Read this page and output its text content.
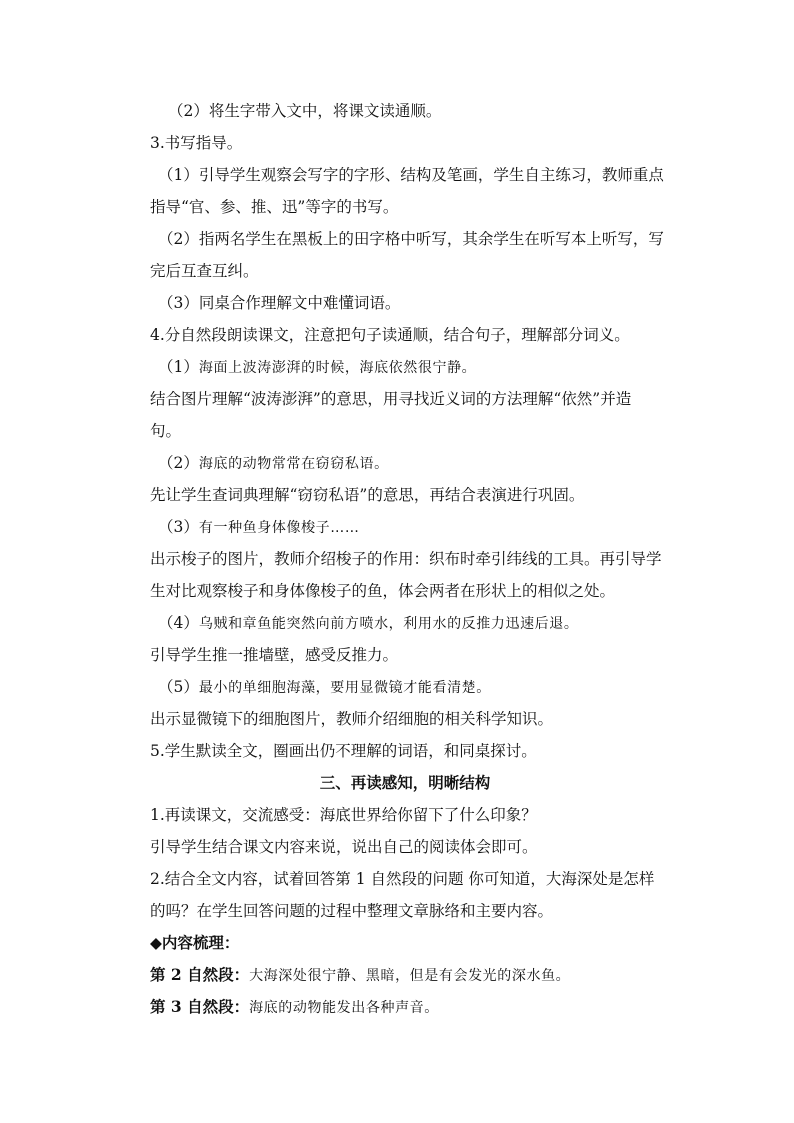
（2）将生字带入文中，将课文读通顺。

3.书写指导。

（1）引导学生观察会写字的字形、结构及笔画，学生自主练习，教师重点

指导“官、参、推、迅”等字的书写。

（2）指两名学生在黑板上的田字格中听写，其余学生在听写本上听写，写

完后互查互纠。

（3）同桌合作理解文中难懂词语。

4.分自然段朗读课文，注意把句子读通顺，结合句子，理解部分词义。

（1）海面上波涛澎湃的时候，海底依然很宁静。

结合图片理解“波涛澎湃”的意思，用寻找近义词的方法理解“依然”并造

句。

（2）海底的动物常常在窃窃私语。

先让学生查词典理解“窃窃私语”的意思，再结合表演进行巩固。

（3）有一种鱼身体像梭子……

出示梭子的图片，教师介绍梭子的作用：织布时牵引纬线的工具。再引导学

生对比观察梭子和身体像梭子的鱼，体会两者在形状上的相似之处。

（4）乌贼和章鱼能突然向前方喷水，利用水的反推力迅速后退。

引导学生推一推墙壁，感受反推力。

（5）最小的单细胞海藻，要用显微镜才能看清楚。

出示显微镜下的细胞图片，教师介绍细胞的相关科学知识。

5.学生默读全文，圈画出仍不理解的词语，和同桌探讨。

三、再读感知，明晰结构

1.再读课文，交流感受：海底世界给你留下了什么印象？

引导学生结合课文内容来说，说出自己的阅读体会即可。

2.结合全文内容，试着回答第 1 自然段的问题 你可知道，大海深处是怎样

的吗？在学生回答问题的过程中整理文章脉络和主要内容。

◆内容梳理：

第 2 自然段：大海深处很宁静、黑暗，但是有会发光的深水鱼。

第 3 自然段：海底的动物能发出各种声音。
